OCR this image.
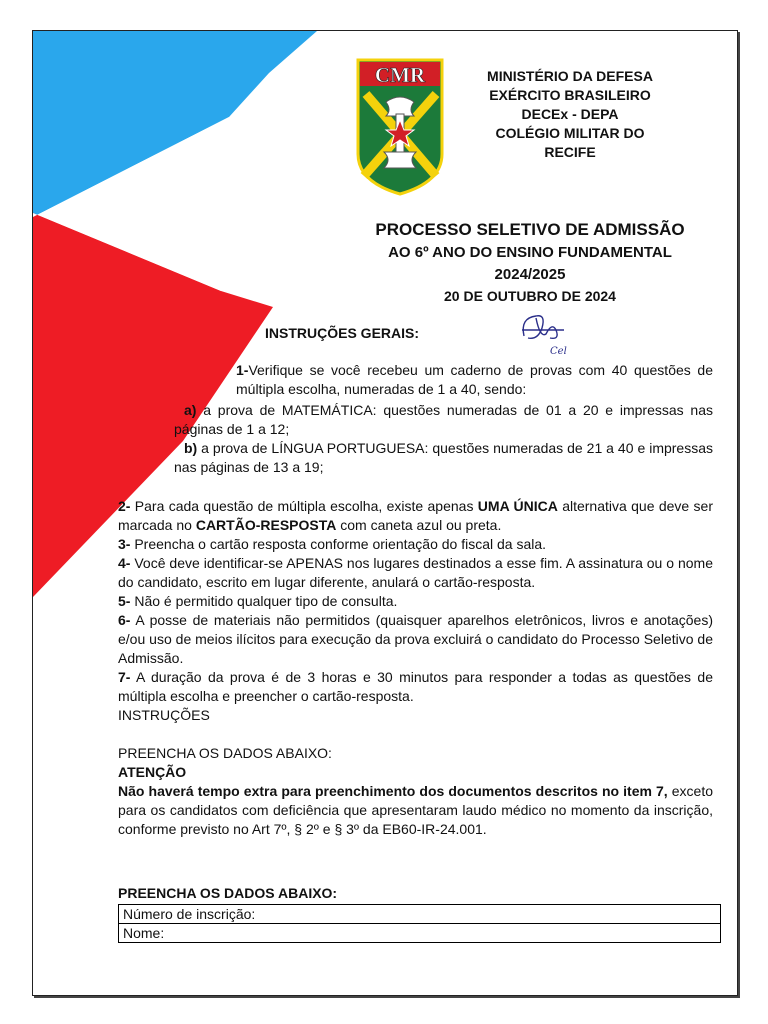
CMR	MINISTÉRIO DA DEFESA
EXÉRCITO BRASILEIRO
DECEx - DEPA
COLÉGIO MILITAR DO RECIFE
PROCESSO SELETIVO DE ADMISSÃO
AO 6º ANO DO ENSINO FUNDAMENTAL
2024/2025
20 DE OUTUBRO DE 2024
INSTRUÇÕES GERAIS:
Cel

1-Verifique se você recebeu um caderno de provas com 40 questões de múltipla escolha, numeradas de 1 a 40, sendo:

a) a prova de MATEMÁTICA: questões numeradas de 01 a 20 e impressas nas páginas de 1 a 12;

b) a prova de LÍNGUA PORTUGUESA: questões numeradas de 21 a 40 e impressas nas páginas de 13 a 19;

2- Para cada questão de múltipla escolha, existe apenas UMA ÚNICA alternativa que deve ser marcada no CARTÃO-RESPOSTA com caneta azul ou preta.

3- Preencha o cartão resposta conforme orientação do fiscal da sala.

4- Você deve identificar-se APENAS nos lugares destinados a esse fim. A assinatura ou o nome do candidato, escrito em lugar diferente, anulará o cartão-resposta.

5- Não é permitido qualquer tipo de consulta.

6- A posse de materiais não permitidos (quaisquer aparelhos eletrônicos, livros e anotações) e/ou uso de meios ilícitos para execução da prova excluirá o candidato do Processo Seletivo de Admissão.

7- A duração da prova é de 3 horas e 30 minutos para responder a todas as questões de múltipla escolha e preencher o cartão-resposta.

INSTRUÇÕES

PREENCHA OS DADOS ABAIXO:

ATENÇÃO

Não haverá tempo extra para preenchimento dos documentos descritos no item 7, exceto para os candidatos com deficiência que apresentaram laudo médico no momento da inscrição, conforme previsto no Art 7º, § 2º e § 3º da EB60-IR-24.001.

PREENCHA OS DADOS ABAIXO:
Número de inscrição:
Nome:
